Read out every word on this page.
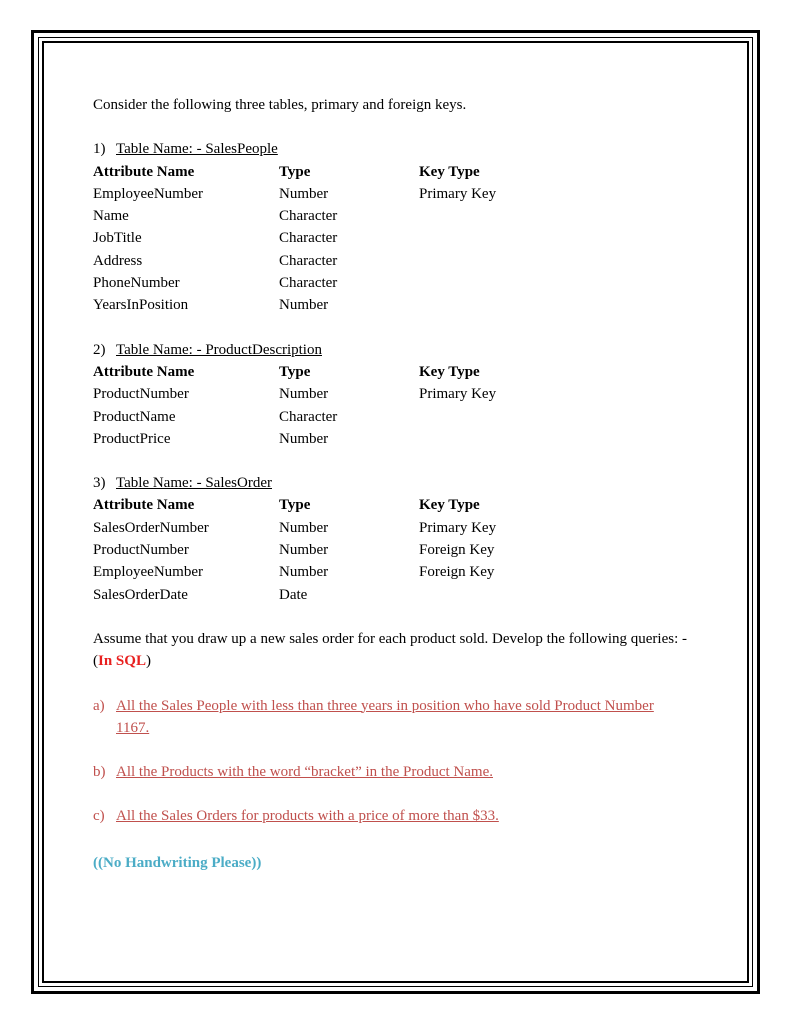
Consider the following three tables, primary and foreign keys.

1) Table Name: - SalesPeople

Attribute Name	Type	Key Type
EmployeeNumber	Number	Primary Key
Name	Character
JobTitle	Character
Address	Character
PhoneNumber	Character
YearsInPosition	Number

2) Table Name: - ProductDescription

Attribute Name	Type	Key Type
ProductNumber	Number	Primary Key
ProductName	Character
ProductPrice	Number

3) Table Name: - SalesOrder

Attribute Name	Type	Key Type
SalesOrderNumber	Number	Primary Key
ProductNumber	Number	Foreign Key
EmployeeNumber	Number	Foreign Key
SalesOrderDate	Date
Assume that you draw up a new sales order for each product sold. Develop the following queries: - (In SQL)
a) All the Sales People with less than three years in position who have sold Product Number 1167.
b) All the Products with the word “bracket” in the Product Name.
c) All the Sales Orders for products with a price of more than $33.
((No Handwriting Please))
